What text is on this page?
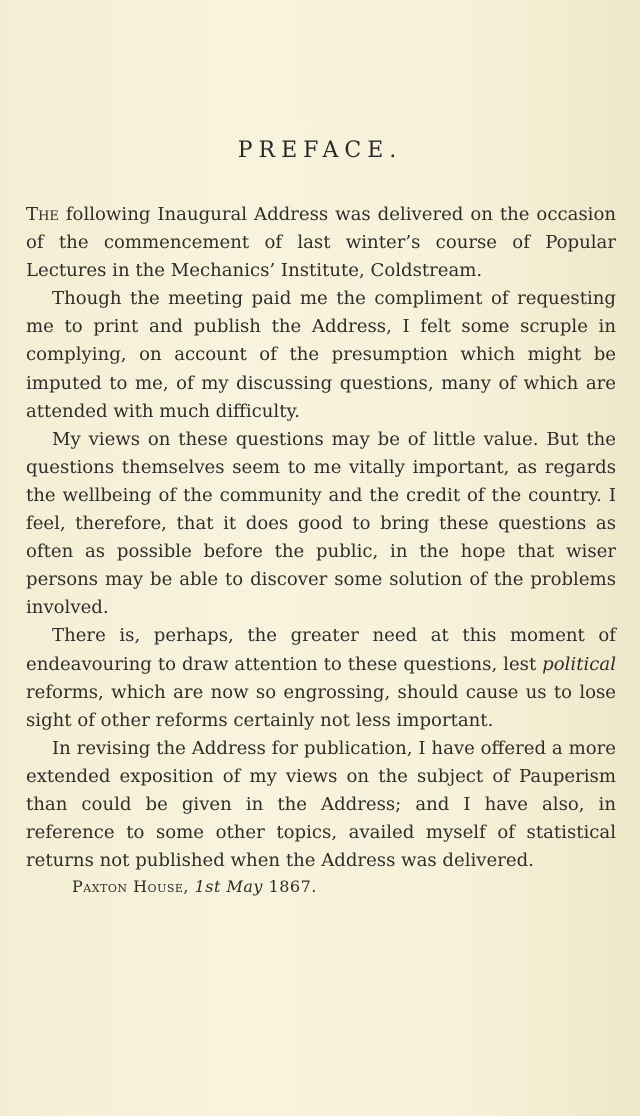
PREFACE.

The following Inaugural Address was delivered on the occasion of the commencement of last winter’s course of Popular Lectures in the Mechanics’ Institute, Coldstream.

Though the meeting paid me the compliment of requesting me to print and publish the Address, I felt some scruple in complying, on account of the presumption which might be imputed to me, of my discussing questions, many of which are attended with much difficulty.

My views on these questions may be of little value. But the questions themselves seem to me vitally important, as regards the wellbeing of the community and the credit of the country. I feel, therefore, that it does good to bring these questions as often as possible before the public, in the hope that wiser persons may be able to discover some solution of the problems involved.

There is, perhaps, the greater need at this moment of endeavouring to draw attention to these questions, lest political reforms, which are now so engrossing, should cause us to lose sight of other reforms certainly not less important.

In revising the Address for publication, I have offered a more extended exposition of my views on the subject of Pauperism than could be given in the Address; and I have also, in reference to some other topics, availed myself of statistical returns not published when the Address was delivered.

Paxton House, 1st May 1867.
